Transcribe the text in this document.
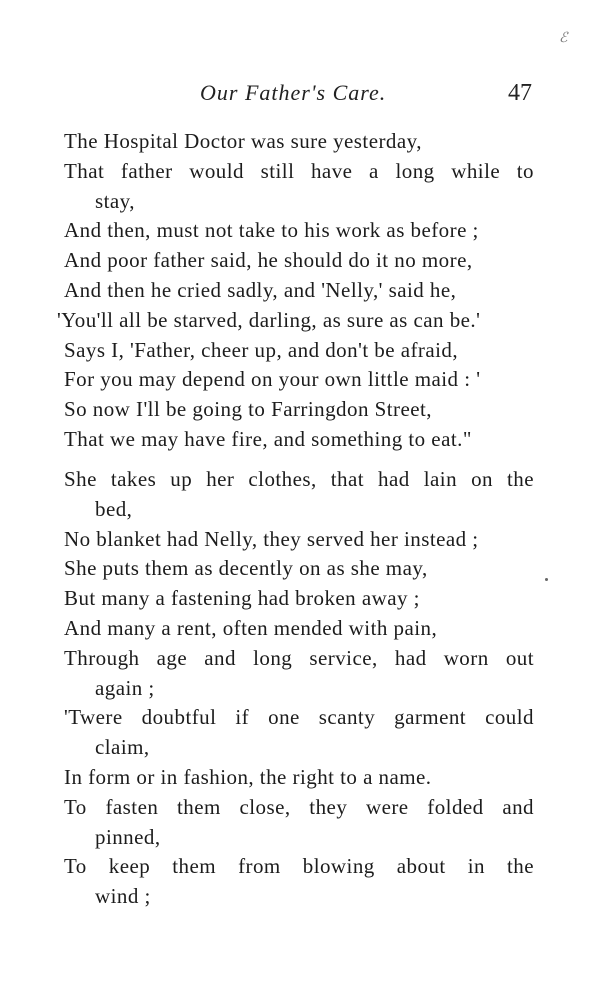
ℰ
Our Father's Care.	47
The Hospital Doctor was sure yesterday,
That father would still have a long while to
stay,
And then, must not take to his work as before ;
And poor father said, he should do it no more,
And then he cried sadly, and 'Nelly,' said he,
'You'll all be starved, darling, as sure as can be.'
Says I, 'Father, cheer up, and don't be afraid,
For you may depend on your own little maid : '
So now I'll be going to Farringdon Street,
That we may have fire, and something to eat."
She takes up her clothes, that had lain on the
bed,
No blanket had Nelly, they served her instead ;
She puts them as decently on as she may,
But many a fastening had broken away ;
And many a rent, often mended with pain,
Through age and long service, had worn out
again ;
'Twere doubtful if one scanty garment could
claim,
In form or in fashion, the right to a name.
To fasten them close, they were folded and
pinned,
To keep them from blowing about in the
wind ;
